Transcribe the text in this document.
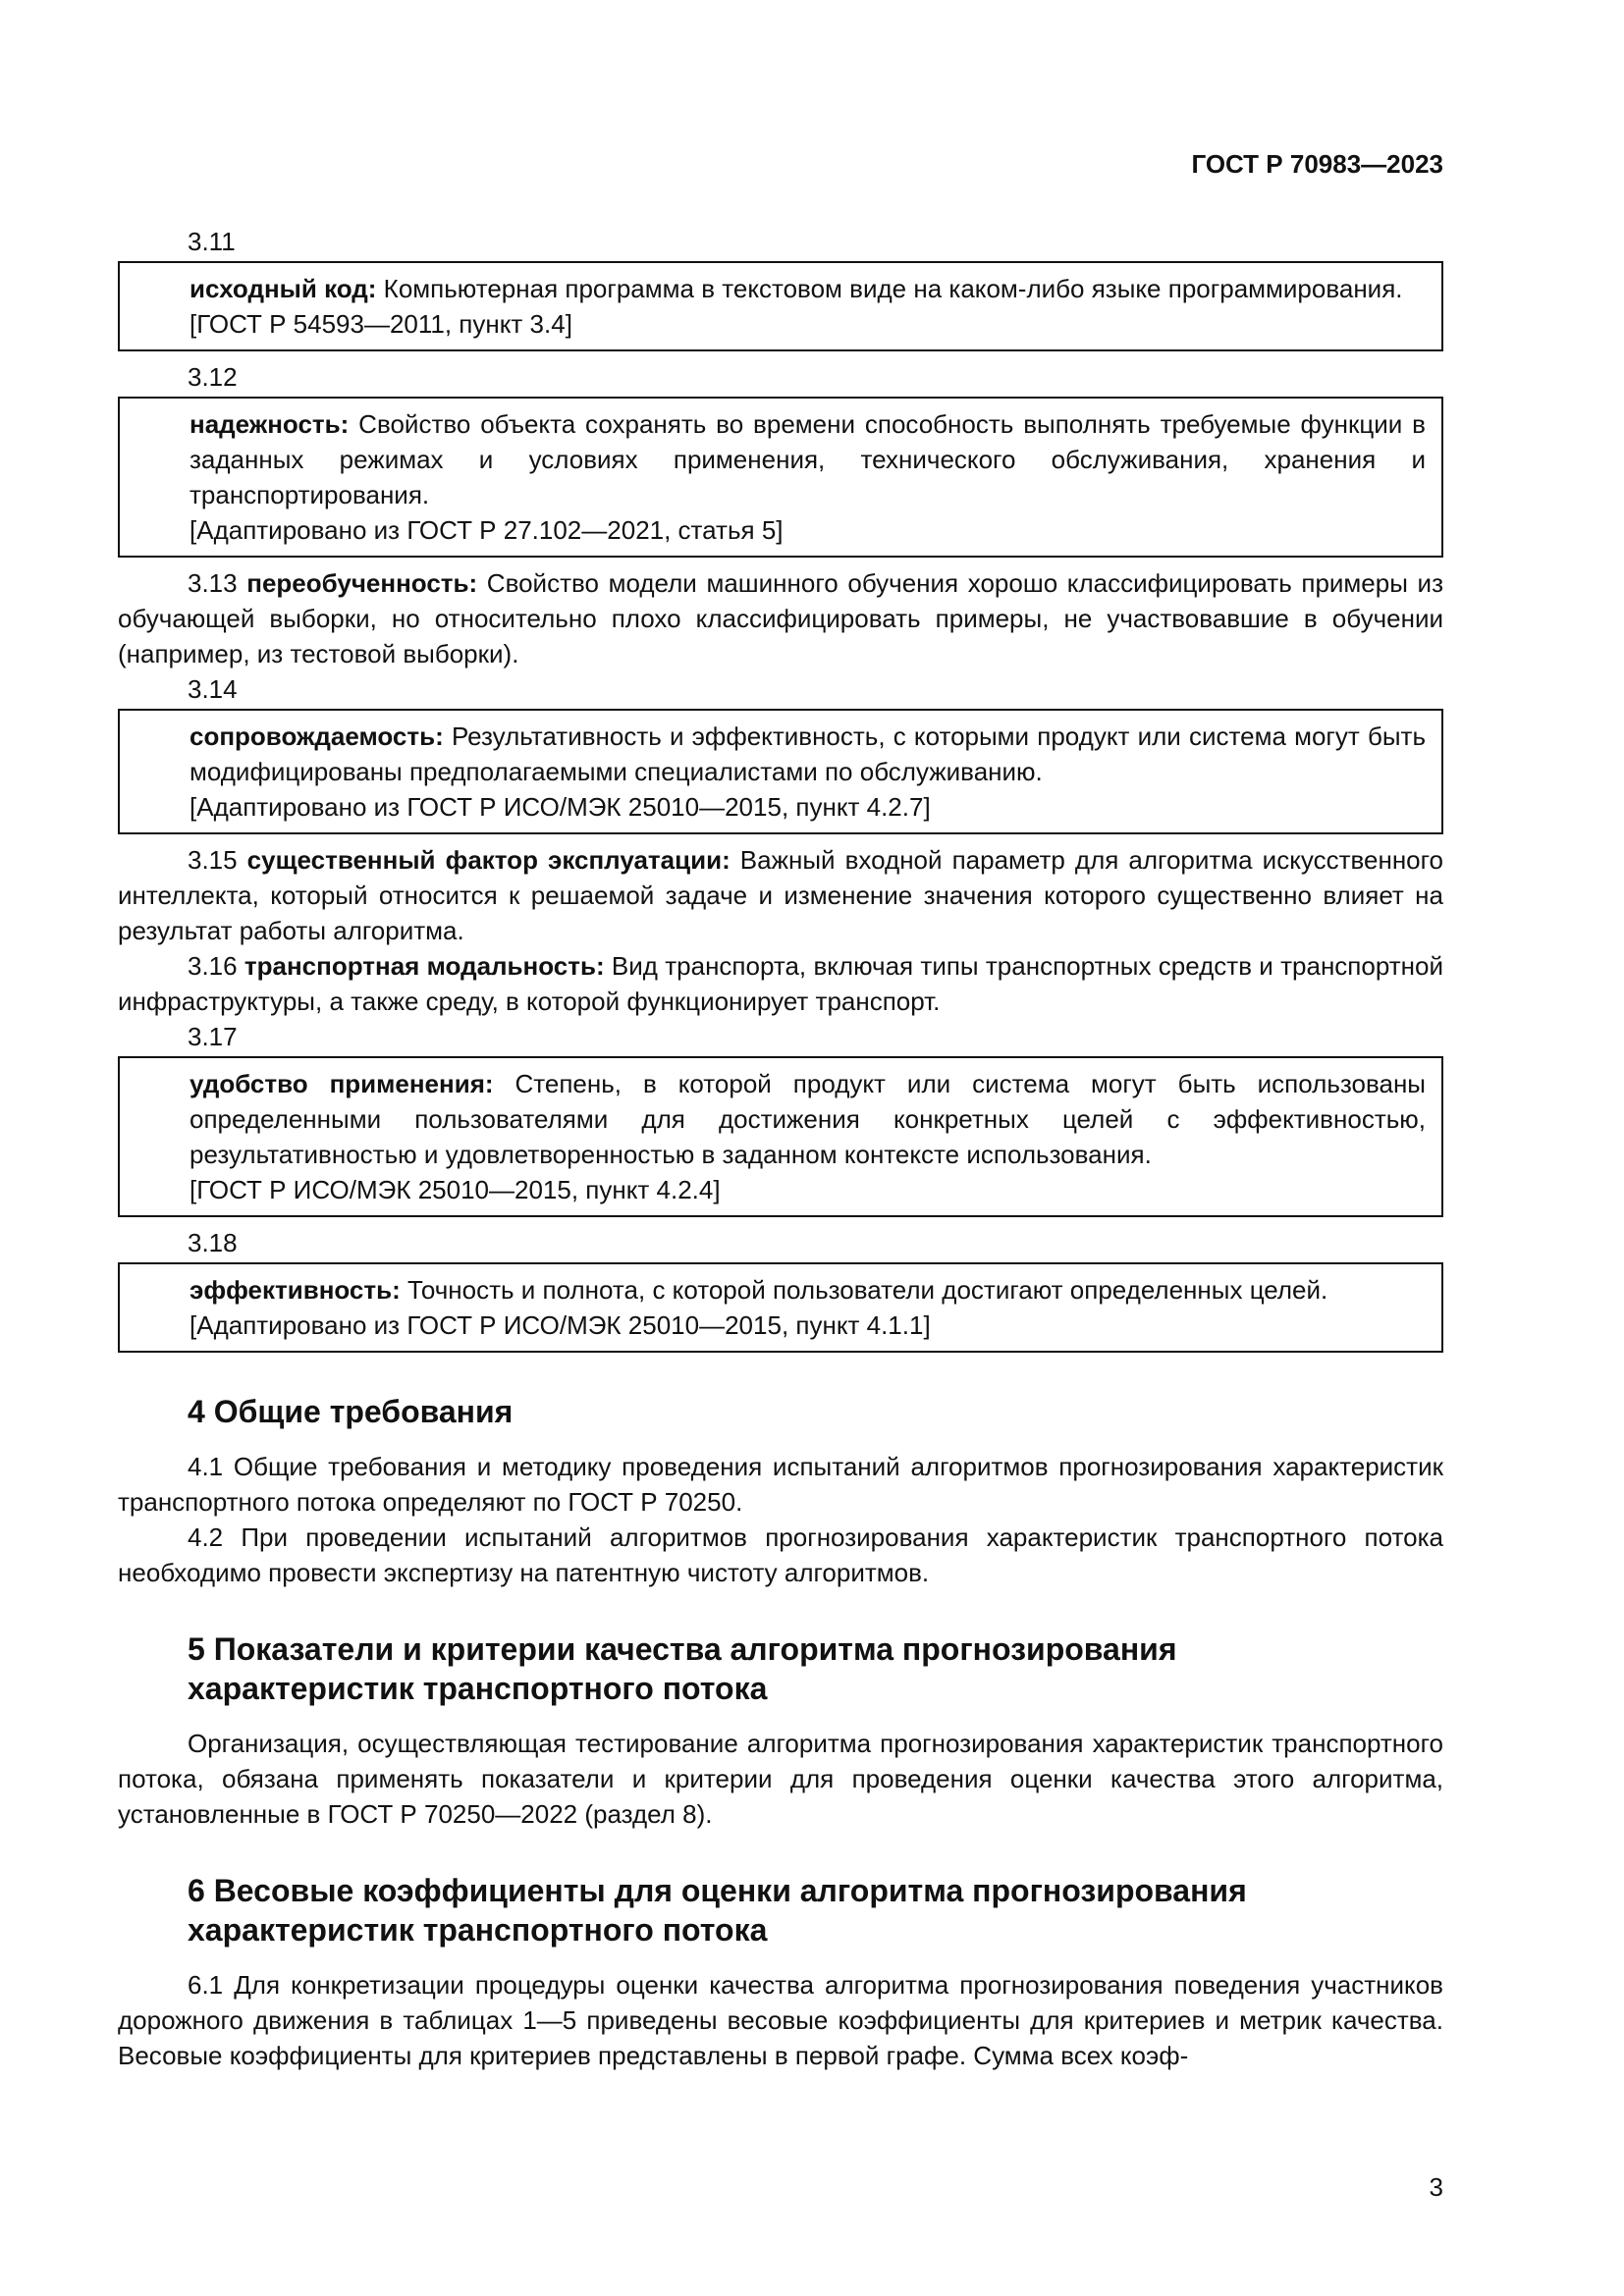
ГОСТ Р 70983—2023
3.11

исходный код: Компьютерная программа в текстовом виде на каком-либо языке программирования.

[ГОСТ Р 54593—2011, пункт 3.4]

3.12

надежность: Свойство объекта сохранять во времени способность выполнять требуемые функции в заданных режимах и условиях применения, технического обслуживания, хранения и транспортирования.

[Адаптировано из ГОСТ Р 27.102—2021, статья 5]

3.13 переобученность: Свойство модели машинного обучения хорошо классифицировать примеры из обучающей выборки, но относительно плохо классифицировать примеры, не участвовавшие в обучении (например, из тестовой выборки).

3.14

сопровождаемость: Результативность и эффективность, с которыми продукт или система могут быть модифицированы предполагаемыми специалистами по обслуживанию.

[Адаптировано из ГОСТ Р ИСО/МЭК 25010—2015, пункт 4.2.7]

3.15 существенный фактор эксплуатации: Важный входной параметр для алгоритма искусственного интеллекта, который относится к решаемой задаче и изменение значения которого существенно влияет на результат работы алгоритма.

3.16 транспортная модальность: Вид транспорта, включая типы транспортных средств и транспортной инфраструктуры, а также среду, в которой функционирует транспорт.

3.17

удобство применения: Степень, в которой продукт или система могут быть использованы определенными пользователями для достижения конкретных целей с эффективностью, результативностью и удовлетворенностью в заданном контексте использования.

[ГОСТ Р ИСО/МЭК 25010—2015, пункт 4.2.4]

3.18

эффективность: Точность и полнота, с которой пользователи достигают определенных целей.

[Адаптировано из ГОСТ Р ИСО/МЭК 25010—2015, пункт 4.1.1]

4 Общие требования

4.1 Общие требования и методику проведения испытаний алгоритмов прогнозирования характеристик транспортного потока определяют по ГОСТ Р 70250.

4.2 При проведении испытаний алгоритмов прогнозирования характеристик транспортного потока необходимо провести экспертизу на патентную чистоту алгоритмов.

5 Показатели и критерии качества алгоритма прогнозирования
характеристик транспортного потока

Организация, осуществляющая тестирование алгоритма прогнозирования характеристик транспортного потока, обязана применять показатели и критерии для проведения оценки качества этого алгоритма, установленные в ГОСТ Р 70250—2022 (раздел 8).

6 Весовые коэффициенты для оценки алгоритма прогнозирования
характеристик транспортного потока

6.1 Для конкретизации процедуры оценки качества алгоритма прогнозирования поведения участников дорожного движения в таблицах 1—5 приведены весовые коэффициенты для критериев и метрик качества. Весовые коэффициенты для критериев представлены в первой графе. Сумма всех коэф-

3
